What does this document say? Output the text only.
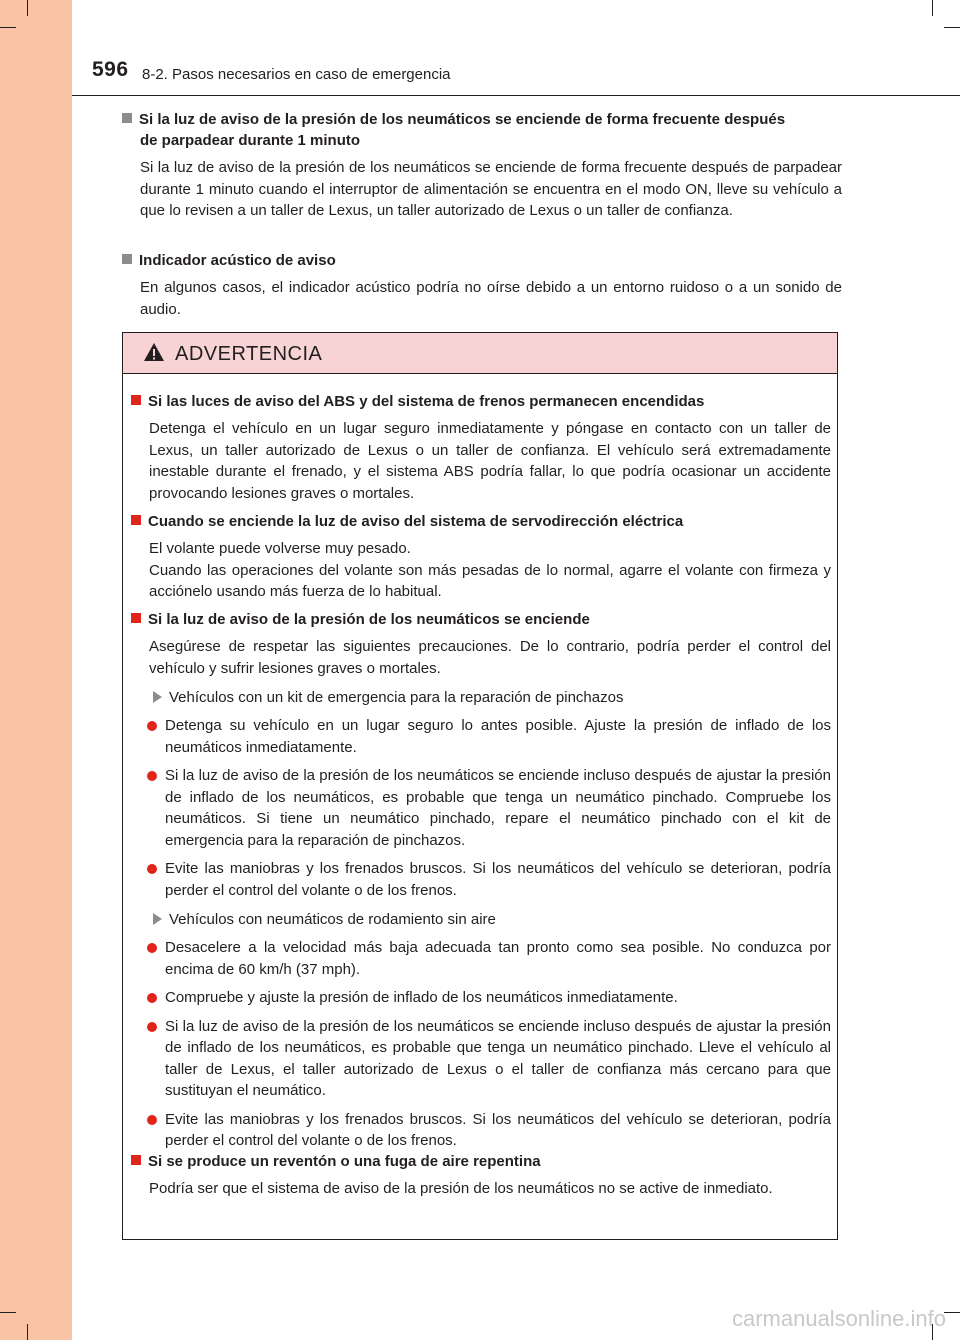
596 8-2. Pasos necesarios en caso de emergencia
Si la luz de aviso de la presión de los neumáticos se enciende de forma frecuente después
de parpadear durante 1 minuto
Si la luz de aviso de la presión de los neumáticos se enciende de forma frecuente después de parpadear durante 1 minuto cuando el interruptor de alimentación se encuentra en el modo ON, lleve su vehículo a que lo revisen a un taller de Lexus, un taller autorizado de Lexus o un taller de confianza.
Indicador acústico de aviso
En algunos casos, el indicador acústico podría no oírse debido a un entorno ruidoso o a un sonido de audio.
ADVERTENCIA
Si las luces de aviso del ABS y del sistema de frenos permanecen encendidas
Detenga el vehículo en un lugar seguro inmediatamente y póngase en contacto con un taller de Lexus, un taller autorizado de Lexus o un taller de confianza. El vehículo será extremadamente inestable durante el frenado, y el sistema ABS podría fallar, lo que podría ocasionar un accidente provocando lesiones graves o mortales.
Cuando se enciende la luz de aviso del sistema de servodirección eléctrica
El volante puede volverse muy pesado.
Cuando las operaciones del volante son más pesadas de lo normal, agarre el volante con firmeza y acciónelo usando más fuerza de lo habitual.
Si la luz de aviso de la presión de los neumáticos se enciende
Asegúrese de respetar las siguientes precauciones. De lo contrario, podría perder el control del vehículo y sufrir lesiones graves o mortales.
Vehículos con un kit de emergencia para la reparación de pinchazos
Detenga su vehículo en un lugar seguro lo antes posible. Ajuste la presión de inflado de los neumáticos inmediatamente.
Si la luz de aviso de la presión de los neumáticos se enciende incluso después de ajustar la presión de inflado de los neumáticos, es probable que tenga un neumático pinchado. Compruebe los neumáticos. Si tiene un neumático pinchado, repare el neumático pinchado con el kit de emergencia para la reparación de pinchazos.
Evite las maniobras y los frenados bruscos. Si los neumáticos del vehículo se deterioran, podría perder el control del volante o de los frenos.
Vehículos con neumáticos de rodamiento sin aire
Desacelere a la velocidad más baja adecuada tan pronto como sea posible. No conduzca por encima de 60 km/h (37 mph).
Compruebe y ajuste la presión de inflado de los neumáticos inmediatamente.
Si la luz de aviso de la presión de los neumáticos se enciende incluso después de ajustar la presión de inflado de los neumáticos, es probable que tenga un neumático pinchado. Lleve el vehículo al taller de Lexus, el taller autorizado de Lexus o el taller de confianza más cercano para que sustituyan el neumático.
Evite las maniobras y los frenados bruscos. Si los neumáticos del vehículo se deterioran, podría perder el control del volante o de los frenos.
Si se produce un reventón o una fuga de aire repentina
Podría ser que el sistema de aviso de la presión de los neumáticos no se active de inmediato.
carmanualsonline.info
